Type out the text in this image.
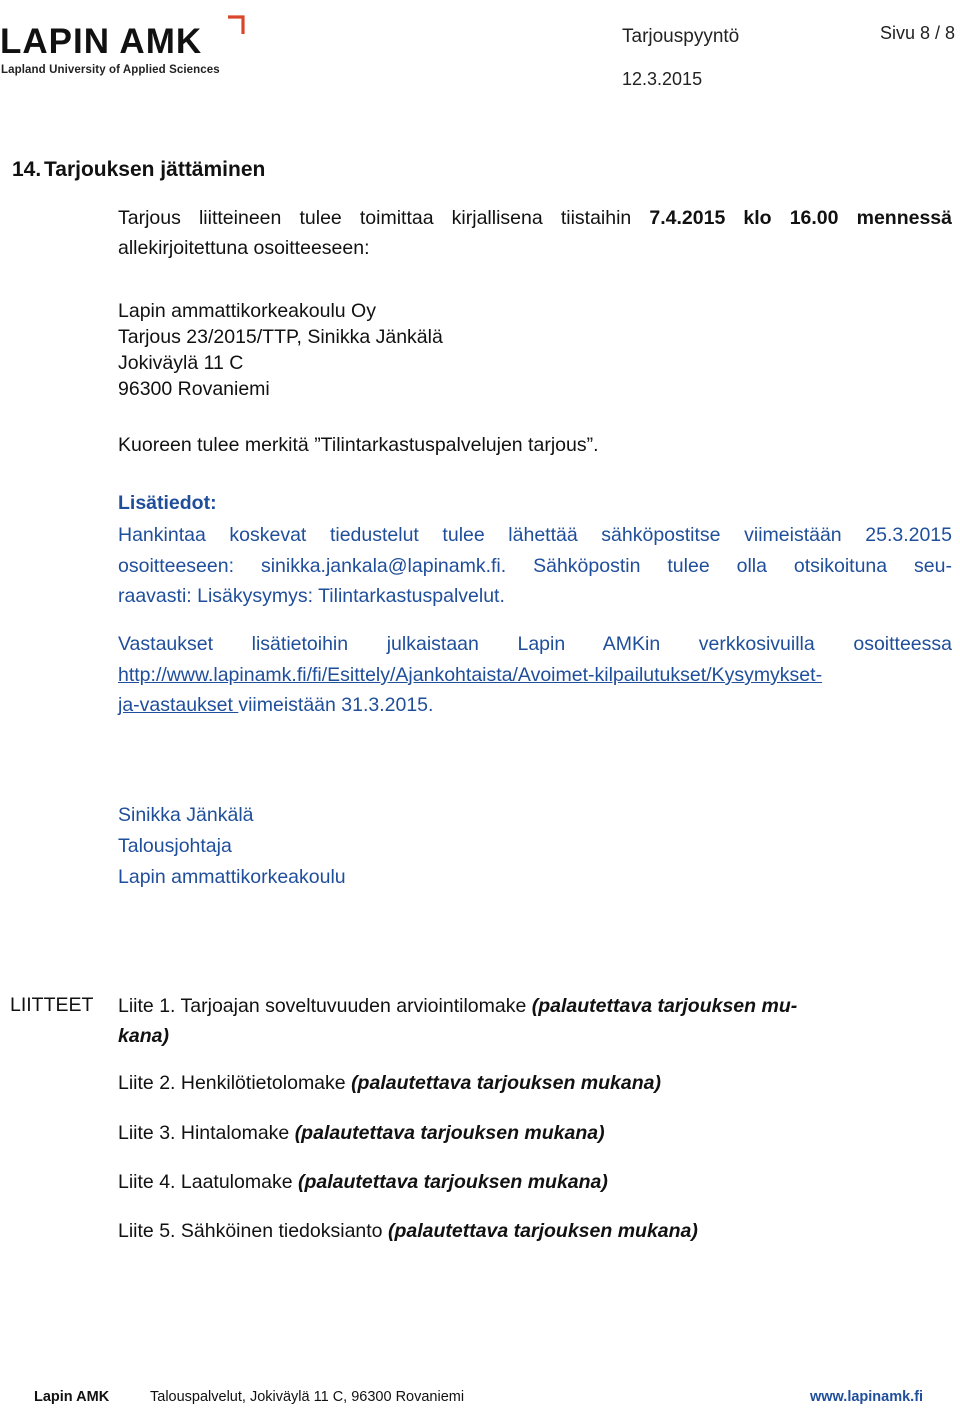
LAPIN AMK
Lapland University of Applied Sciences
Tarjouspyyntö	Sivu 8 / 8
12.3.2015
14. Tarjouksen jättäminen
Tarjous liitteineen tulee toimittaa kirjallisena tiistaihin 7.4.2015 klo 16.00 mennessä
allekirjoitettuna osoitteeseen:
Lapin ammattikorkeakoulu Oy
Tarjous 23/2015/TTP, Sinikka Jänkälä
Jokiväylä 11 C
96300 Rovaniemi
Kuoreen tulee merkitä ”Tilintarkastuspalvelujen tarjous”.
Lisätiedot:
Hankintaa koskevat tiedustelut tulee lähettää sähköpostitse viimeistään 25.3.2015
osoitteeseen: sinikka.jankala@lapinamk.fi. Sähköpostin tulee olla otsikoituna seu-
raavasti: Lisäkysymys: Tilintarkastuspalvelut.
Vastaukset lisätietoihin julkaistaan Lapin AMKin verkkosivuilla osoitteessa
http://www.lapinamk.fi/fi/Esittely/Ajankohtaista/Avoimet-kilpailutukset/Kysymykset-
ja-vastaukset viimeistään 31.3.2015.
Sinikka Jänkälä
Talousjohtaja
Lapin ammattikorkeakoulu
LIITTEET Liite 1. Tarjoajan soveltuvuuden arviointilomake (palautettava tarjouksen mu-
kana)
Liite 2. Henkilötietolomake (palautettava tarjouksen mukana)
Liite 3. Hintalomake (palautettava tarjouksen mukana)
Liite 4. Laatulomake (palautettava tarjouksen mukana)
Liite 5. Sähköinen tiedoksianto (palautettava tarjouksen mukana)
Lapin AMK	Talouspalvelut, Jokiväylä 11 C, 96300 Rovaniemi	www.lapinamk.fi
